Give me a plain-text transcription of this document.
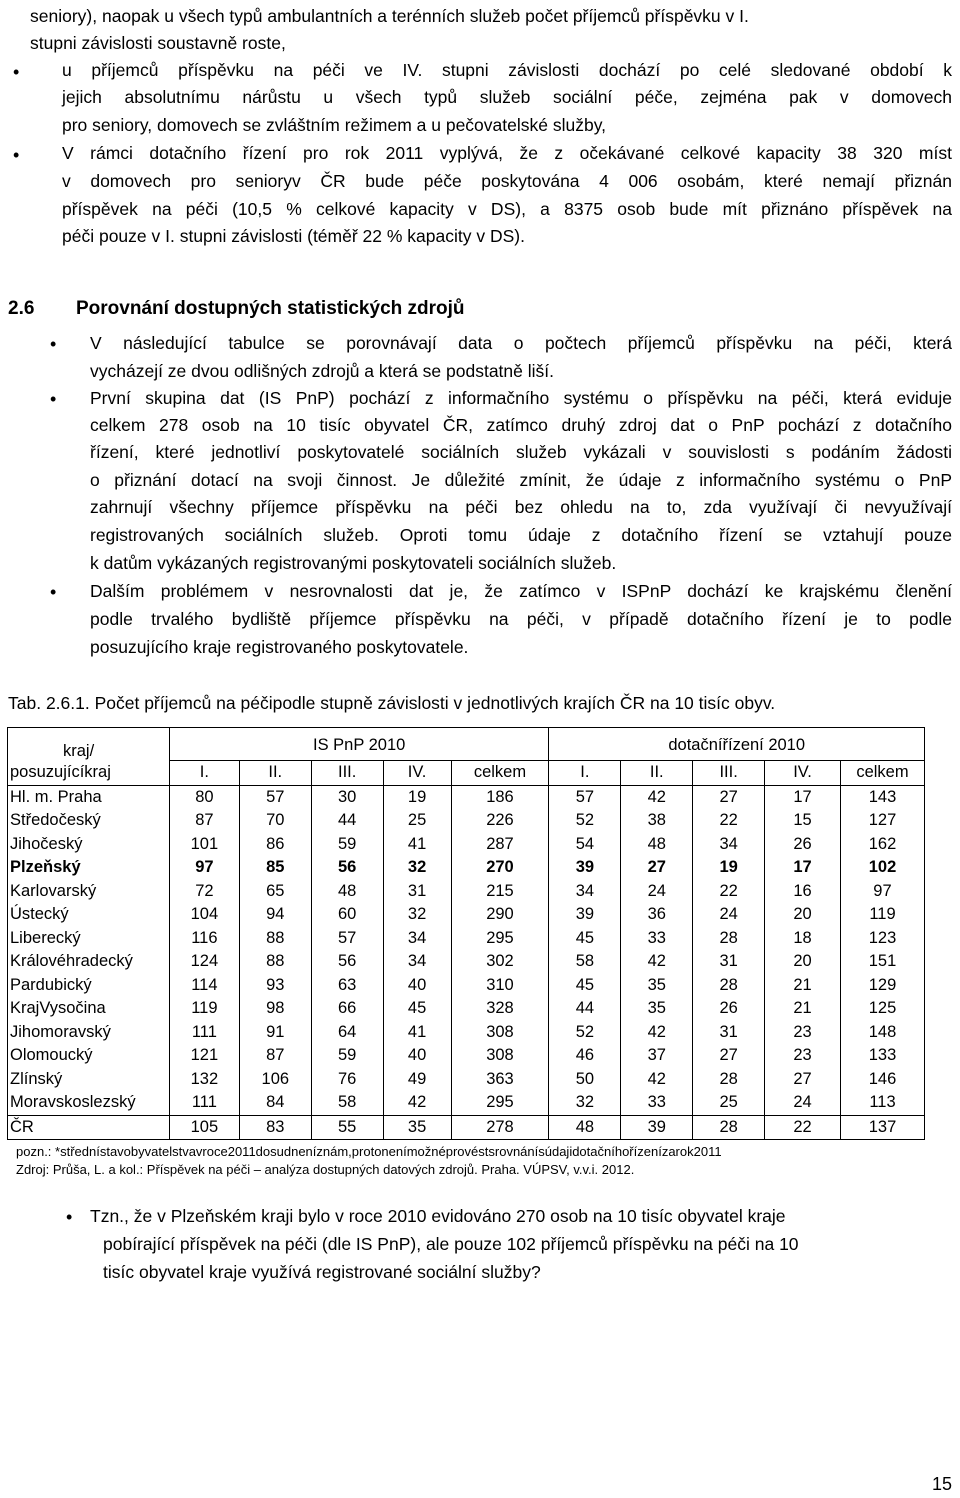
seniory), naopak u všech typů ambulantních a terénních služeb počet příjemců příspěvku v I.
stupni závislosti soustavně roste,
• u příjemců příspěvku na péči ve IV. stupni závislosti dochází po celé sledované období k
jejich absolutnímu nárůstu u všech typů služeb sociální péče, zejména pak v domovech
pro seniory, domovech se zvláštním režimem a u pečovatelské služby,
• V rámci dotačního řízení pro rok 2011 vyplývá, že z očekávané celkové kapacity 38 320 míst
v domovech pro senioryv ČR bude péče poskytována 4 006 osobám, které nemají přiznán
příspěvek na péči (10,5 % celkové kapacity v DS), a 8375 osob bude mít přiznáno příspěvek na
péči pouze v I. stupni závislosti (téměř 22 % kapacity v DS).
2.6 Porovnání dostupných statistických zdrojů
• V následující tabulce se porovnávají data o počtech příjemců příspěvku na péči, která
vycházejí ze dvou odlišných zdrojů a která se podstatně liší.
• První skupina dat (IS PnP) pochází z informačního systému o příspěvku na péči, která eviduje
celkem 278 osob na 10 tisíc obyvatel ČR, zatímco druhý zdroj dat o PnP pochází z dotačního
řízení, které jednotliví poskytovatelé sociálních služeb vykázali v souvislosti s podáním žádosti
o přiznání dotací na svoji činnost. Je důležité zmínit, že údaje z informačního systému o PnP
zahrnují všechny příjemce příspěvku na péči bez ohledu na to, zda využívají či nevyužívají
registrovaných sociálních služeb. Oproti tomu údaje z dotačního řízení se vztahují pouze
k datům vykázaných registrovanými poskytovateli sociálních služeb.
• Dalším problémem v nesrovnalosti dat je, že zatímco v ISPnP dochází ke krajskému členění
podle trvalého bydliště příjemce příspěvku na péči, v případě dotačního řízení je to podle
posuzujícího kraje registrovaného poskytovatele.
Tab. 2.6.1. Počet příjemců na péčipodle stupně závislosti v jednotlivých krajích ČR na 10 tisíc obyv.
kraj/	IS PnP 2010					dotačnířízení 2010				
posuzujícíkraj	I.	II.	III.	IV.	celkem	I.	II.	III.	IV.	celkem
Hl. m. Praha	80	57	30	19	186	57	42	27	17	143
Středočeský	87	70	44	25	226	52	38	22	15	127
Jihočeský	101	86	59	41	287	54	48	34	26	162
Plzeňský	97	85	56	32	270	39	27	19	17	102
Karlovarský	72	65	48	31	215	34	24	22	16	97
Ústecký	104	94	60	32	290	39	36	24	20	119
Liberecký	116	88	57	34	295	45	33	28	18	123
Královéhradecký	124	88	56	34	302	58	42	31	20	151
Pardubický	114	93	63	40	310	45	35	28	21	129
KrajVysočina	119	98	66	45	328	44	35	26	21	125
Jihomoravský	111	91	64	41	308	52	42	31	23	148
Olomoucký	121	87	59	40	308	46	37	27	23	133
Zlínský	132	106	76	49	363	50	42	28	27	146
Moravskoslezský	111	84	58	42	295	32	33	25	24	113
ČR	105	83	55	35	278	48	39	28	22	137
pozn.: *střednístavobyvatelstvavroce2011dosudneníznám,protonenímožnéprovéstsrovnánísúdajidotačníhořízenízarok2011
Zdroj: Průša, L. a kol.: Příspěvek na péči – analýza dostupných datových zdrojů. Praha. VÚPSV, v.v.i. 2012.
• Tzn., že v Plzeňském kraji bylo v roce 2010 evidováno 270 osob na 10 tisíc obyvatel kraje
pobírající příspěvek na péči (dle IS PnP), ale pouze 102 příjemců příspěvku na péči na 10
tisíc obyvatel kraje využívá registrované sociální služby?
15
